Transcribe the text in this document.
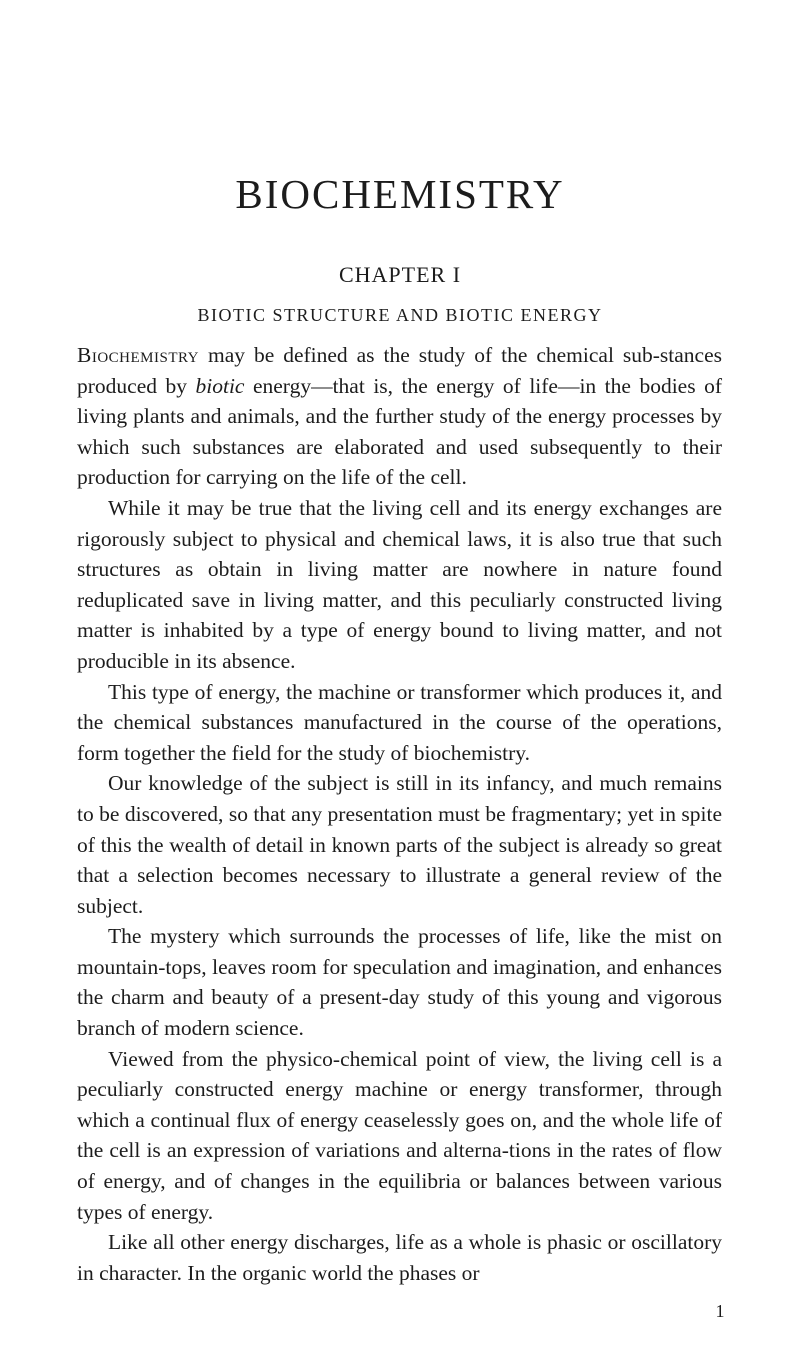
BIOCHEMISTRY
CHAPTER I
BIOTIC STRUCTURE AND BIOTIC ENERGY

Biochemistry may be defined as the study of the chemical sub-stances produced by biotic energy—that is, the energy of life—in the bodies of living plants and animals, and the further study of the energy processes by which such substances are elaborated and used subsequently to their production for carrying on the life of the cell.

While it may be true that the living cell and its energy exchanges are rigorously subject to physical and chemical laws, it is also true that such structures as obtain in living matter are nowhere in nature found reduplicated save in living matter, and this peculiarly constructed living matter is inhabited by a type of energy bound to living matter, and not producible in its absence.

This type of energy, the machine or transformer which produces it, and the chemical substances manufactured in the course of the operations, form together the field for the study of biochemistry.

Our knowledge of the subject is still in its infancy, and much remains to be discovered, so that any presentation must be fragmentary; yet in spite of this the wealth of detail in known parts of the subject is already so great that a selection becomes necessary to illustrate a general review of the subject.

The mystery which surrounds the processes of life, like the mist on mountain-tops, leaves room for speculation and imagination, and enhances the charm and beauty of a present-day study of this young and vigorous branch of modern science.

Viewed from the physico-chemical point of view, the living cell is a peculiarly constructed energy machine or energy transformer, through which a continual flux of energy ceaselessly goes on, and the whole life of the cell is an expression of variations and alterna-tions in the rates of flow of energy, and of changes in the equilibria or balances between various types of energy.

Like all other energy discharges, life as a whole is phasic or oscillatory in character. In the organic world the phases or

1
